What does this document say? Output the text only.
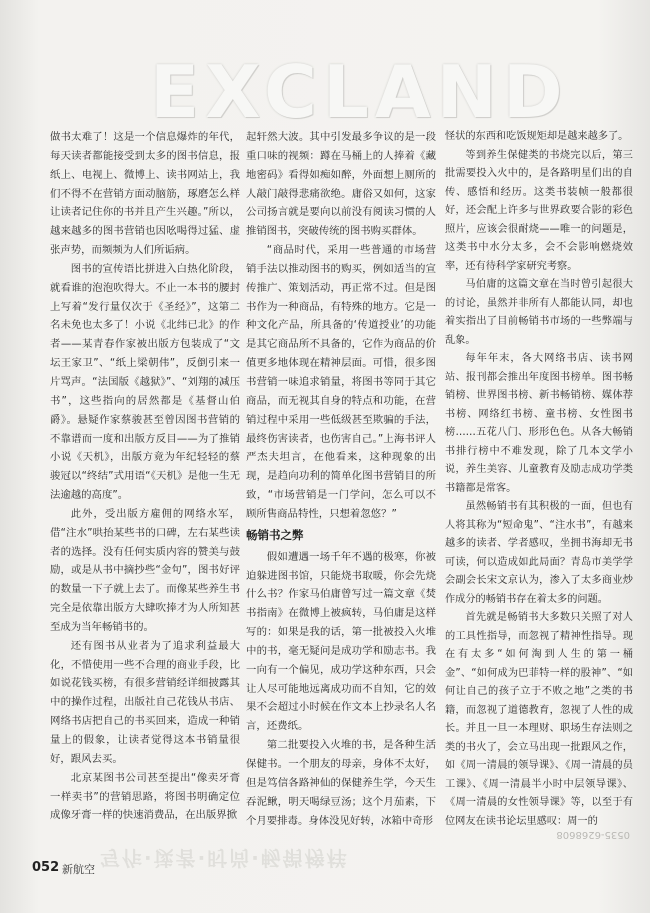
EXCLAND

做书太难了！这是一个信息爆炸的年代，每天读者都能接受到太多的图书信息，报纸上、电视上、微博上、读书网站上，我们不得不在营销方面动脑筋，琢磨怎么样让读者记住你的书并且产生兴趣。”所以，越来越多的图书营销也因吆喝得过猛、虚张声势，而频频为人们所诟病。

图书的宣传语比拼进入白热化阶段，就看谁的泡泡吹得大。不止一本书的腰封上写着“发行量仅次于《圣经》”，这第二名未免也太多了！小说《北纬已北》的作者——某青春作家被出版方包装成了“文坛王家卫”、“纸上梁朝伟”，反倒引来一片骂声。“法国版《越狱》”、“刘翔的减压书”，这些指向的居然都是《基督山伯爵》。悬疑作家蔡骏甚至曾因图书营销的不靠谱而一度和出版方反目——为了推销小说《天机》，出版方竟为年纪轻轻的蔡骏冠以“终结”式用语“《天机》是他一生无法逾越的高度”。

此外，受出版方雇佣的网络水军，借“注水”哄抬某些书的口碑，左右某些读者的选择。没有任何实质内容的赞美与鼓励，或是从书中摘抄些“金句”，图书好评的数量一下子就上去了。而像某些养生书完全是依靠出版方大肆吹捧才为人所知甚至成为当年畅销书的。

还有图书从业者为了追求利益最大化，不惜使用一些不合理的商业手段，比如说花钱买榜，有很多营销经详细披露其中的操作过程，出版社自己花钱从书店、网络书店把自己的书买回来，造成一种销量上的假象，让读者觉得这本书销量很好，跟风去买。

北京某图书公司甚至提出“像卖牙膏一样卖书”的营销思路，将图书明确定位成像牙膏一样的快速消费品，在出版界掀

起轩然大波。其中引发最多争议的是一段重口味的视频：蹲在马桶上的人捧着《藏地密码》看得如痴如醉，外面想上厕所的人敲门敲得悲痛欲绝。庸俗又如何，这家公司扬言就是要向以前没有阅读习惯的人推销图书，突破传统的图书购买群体。

“商品时代，采用一些普通的市场营销手法以推动图书的购买，例如适当的宣传推广、策划活动，再正常不过。但是图书作为一种商品，有特殊的地方。它是一种文化产品，所具备的‘传道授业’的功能是其它商品所不具备的，它作为商品的价值更多地体现在精神层面。可惜，很多图书营销一味追求销量，将图书等同于其它商品，而无视其自身的特点和功能，在营销过程中采用一些低级甚至欺骗的手法，最终伤害读者，也伤害自己。”上海书评人严杰夫坦言，在他看来，这种现象的出现，是趋向功利的简单化图书营销目的所致，“市场营销是一门学问，怎么可以不顾所售商品特性，只想着忽悠？”

畅销书之弊

假如遭遇一场千年不遇的极寒，你被迫躲进图书馆，只能烧书取暖，你会先烧什么书？作家马伯庸曾写过一篇文章《焚书指南》在微博上被疯转，马伯庸是这样写的：如果是我的话，第一批被投入火堆中的书，毫无疑问是成功学和励志书。我一向有一个偏见，成功学这种东西，只会让人尽可能地远离成功而不自知，它的效果不会超过小时候在作文本上抄录名人名言，还费纸。

第二批要投入火堆的书，是各种生活保健书。一个朋友的母亲，身体不太好，但是笃信各路神仙的保健养生学，今天生吞泥鳅，明天喝绿豆汤；这个月茄素，下个月要排毒。身体没见好转，冰箱中奇形

怪状的东西和吃饭规矩却是越来越多了。

等到养生保健类的书烧完以后，第三批需要投入火中的，是各路明星们出的自传、感悟和经历。这类书装帧一般都很好，还会配上许多与世界政要合影的彩色照片，应该会很耐烧——唯一的问题是，这类书中水分太多，会不会影响燃烧效率，还有待科学家研究考察。

马伯庸的这篇文章在当时曾引起很大的讨论，虽然并非所有人都能认同，却也着实指出了目前畅销书市场的一些弊端与乱象。

每年年末，各大网络书店、读书网站、报刊都会推出年度图书榜单。图书畅销榜、世界图书榜、新书畅销榜、媒体荐书榜、网络红书榜、童书榜、女性图书榜……五花八门、形形色色。从各大畅销书排行榜中不难发现，除了几本文学小说，养生美容、儿童教育及励志成功学类书籍都是常客。

虽然畅销书有其积极的一面，但也有人将其称为“短命鬼”、“注水书”，有越来越多的读者、学者感叹，坐拥书海却无书可读，何以造成如此局面？青岛市美学学会副会长宋文京认为，渗入了太多商业炒作成分的畅销书存在着太多的问题。

首先就是畅销书大多数只关照了对人的工具性指导，而忽视了精神性指导。现在有太多“如何淘到人生的第一桶金”、“如何成为巴菲特一样的股神”、“如何让自己的孩子立于不败之地”之类的书籍，而忽视了道德教育，忽视了人性的成长。并且一旦一本理财、职场生存法则之类的书火了，会立马出现一批跟风之作，如《周一清晨的领导课》、《周一清晨的员工课》、《周一清晨半小时中层领导课》、《周一清晨的女性领导课》等，以至于有位网友在读书论坛里感叹：周一的

写作·读者·时尚·畅销榜样
0535-6268608
052 新航空
